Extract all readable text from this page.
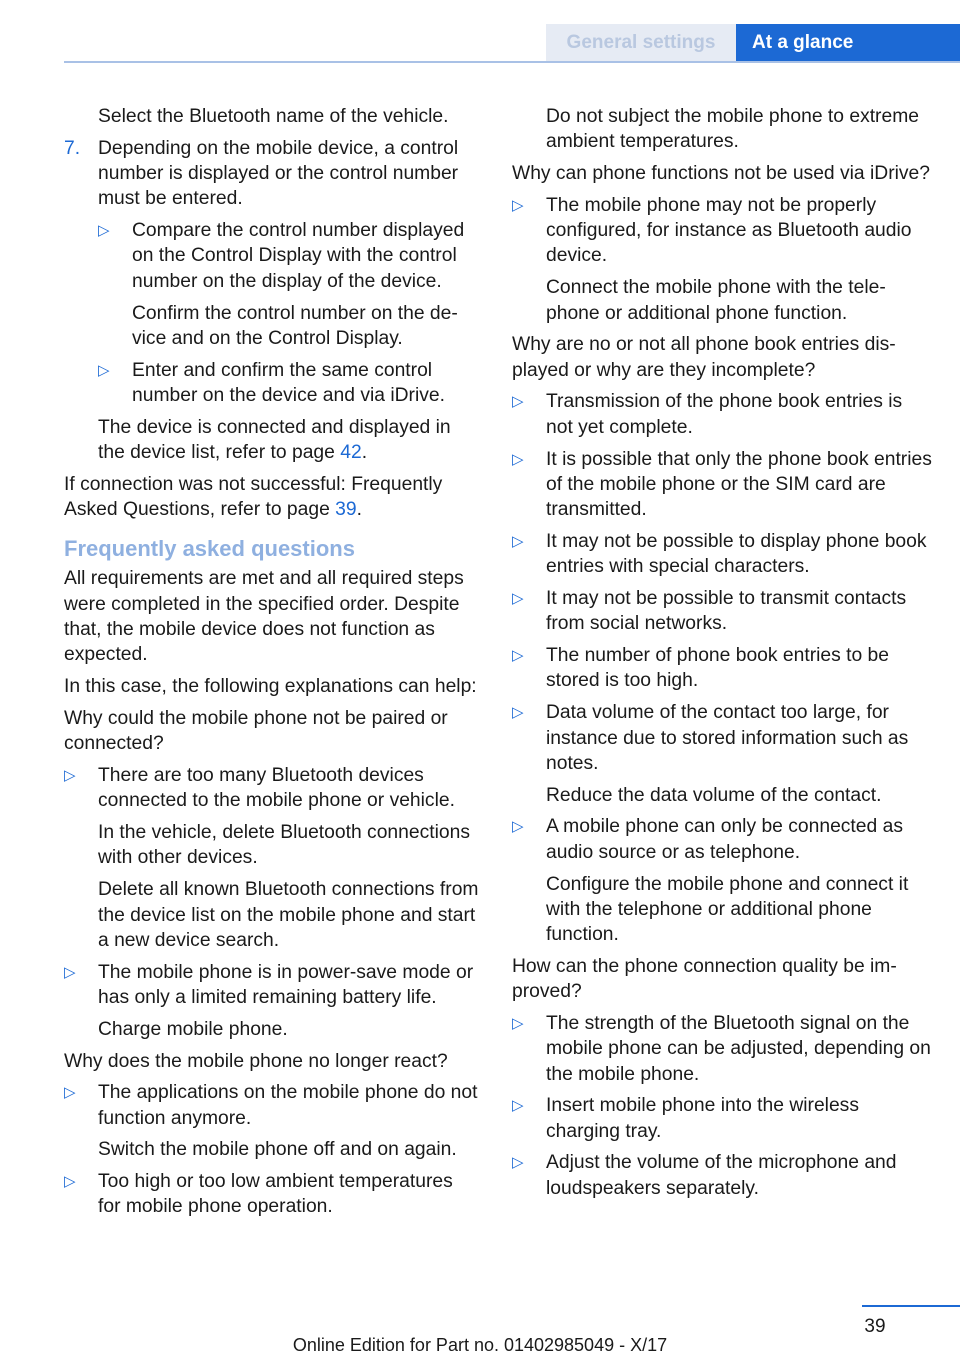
General settings	At a glance

Select the Bluetooth name of the vehicle.

7. Depending on the mobile device, a control number is displayed or the control number must be entered.
▷	Compare the control number displayed on the Control Display with the control number on the display of the device.

Confirm the control number on the device and on the Control Display.

▷	Enter and confirm the same control number on the device and via iDrive.

The device is connected and displayed in the device list, refer to page 42.

If connection was not successful: Frequently Asked Questions, refer to page 39.

Frequently asked questions

All requirements are met and all required steps were completed in the specified order. Despite that, the mobile device does not function as expected.

In this case, the following explanations can help:

Why could the mobile phone not be paired or connected?

▷	There are too many Bluetooth devices connected to the mobile phone or vehicle.

In the vehicle, delete Bluetooth connections with other devices.

Delete all known Bluetooth connections from the device list on the mobile phone and start a new device search.

▷	The mobile phone is in power-save mode or has only a limited remaining battery life.

Charge mobile phone.

Why does the mobile phone no longer react?

▷	The applications on the mobile phone do not function anymore.

Switch the mobile phone off and on again.

▷	Too high or too low ambient temperatures for mobile phone operation.

Do not subject the mobile phone to extreme ambient temperatures.

Why can phone functions not be used via iDrive?

▷	The mobile phone may not be properly configured, for instance as Bluetooth audio device.

Connect the mobile phone with the telephone or additional phone function.

Why are no or not all phone book entries displayed or why are they incomplete?

▷	Transmission of the phone book entries is not yet complete.
▷	It is possible that only the phone book entries of the mobile phone or the SIM card are transmitted.
▷	It may not be possible to display phone book entries with special characters.
▷	It may not be possible to transmit contacts from social networks.
▷	The number of phone book entries to be stored is too high.
▷	Data volume of the contact too large, for instance due to stored information such as notes.

Reduce the data volume of the contact.

▷	A mobile phone can only be connected as audio source or as telephone.

Configure the mobile phone and connect it with the telephone or additional phone function.

How can the phone connection quality be improved?

▷	The strength of the Bluetooth signal on the mobile phone can be adjusted, depending on the mobile phone.
▷	Insert mobile phone into the wireless charging tray.
▷	Adjust the volume of the microphone and loudspeakers separately.
39
Online Edition for Part no. 01402985049 - X/17
